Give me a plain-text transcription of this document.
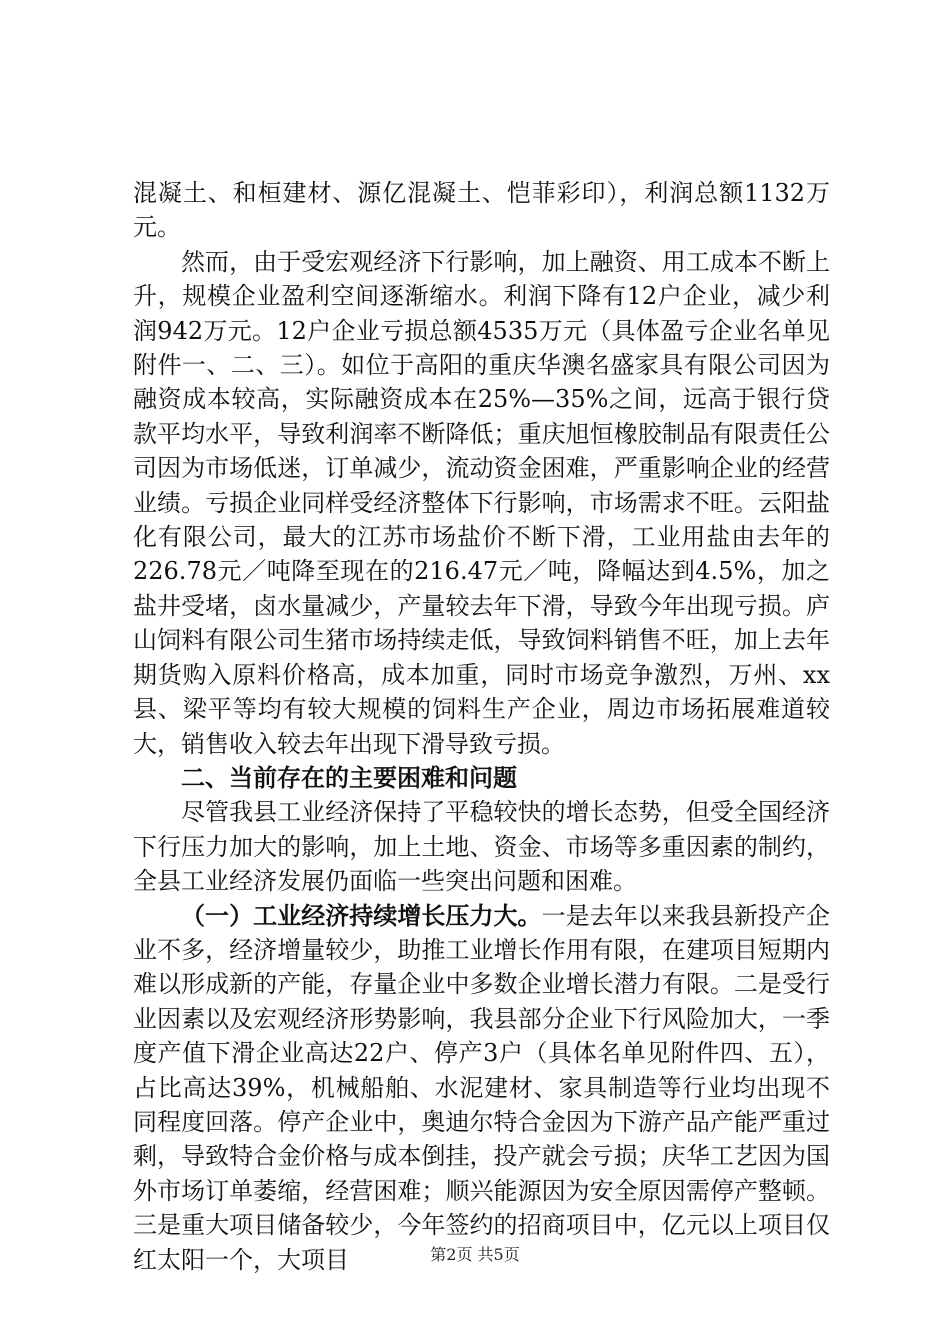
混凝土、和桓建材、源亿混凝土、恺菲彩印），利润总额1132万元。

然而，由于受宏观经济下行影响，加上融资、用工成本不断上升，规模企业盈利空间逐渐缩水。利润下降有12户企业，减少利润942万元。12户企业亏损总额4535万元（具体盈亏企业名单见附件一、二、三）。如位于高阳的重庆华澳名盛家具有限公司因为融资成本较高，实际融资成本在25%—35%之间，远高于银行贷款平均水平，导致利润率不断降低；重庆旭恒橡胶制品有限责任公司因为市场低迷，订单减少，流动资金困难，严重影响企业的经营业绩。亏损企业同样受经济整体下行影响，市场需求不旺。云阳盐化有限公司，最大的江苏市场盐价不断下滑，工业用盐由去年的226.78元／吨降至现在的216.47元／吨，降幅达到4.5%，加之盐井受堵，卤水量减少，产量较去年下滑，导致今年出现亏损。庐山饲料有限公司生猪市场持续走低，导致饲料销售不旺，加上去年期货购入原料价格高，成本加重，同时市场竞争激烈，万州、xx县、梁平等均有较大规模的饲料生产企业，周边市场拓展难道较大，销售收入较去年出现下滑导致亏损。

二、当前存在的主要困难和问题

尽管我县工业经济保持了平稳较快的增长态势，但受全国经济下行压力加大的影响，加上土地、资金、市场等多重因素的制约，全县工业经济发展仍面临一些突出问题和困难。

（一）工业经济持续增长压力大。一是去年以来我县新投产企业不多，经济增量较少，助推工业增长作用有限，在建项目短期内难以形成新的产能，存量企业中多数企业增长潜力有限。二是受行业因素以及宏观经济形势影响，我县部分企业下行风险加大，一季度产值下滑企业高达22户、停产3户（具体名单见附件四、五），占比高达39%，机械船舶、水泥建材、家具制造等行业均出现不同程度回落。停产企业中，奥迪尔特合金因为下游产品产能严重过剩，导致特合金价格与成本倒挂，投产就会亏损；庆华工艺因为国外市场订单萎缩，经营困难；顺兴能源因为安全原因需停产整顿。三是重大项目储备较少，今年签约的招商项目中，亿元以上项目仅红太阳一个，大项目	第2页 共5页
